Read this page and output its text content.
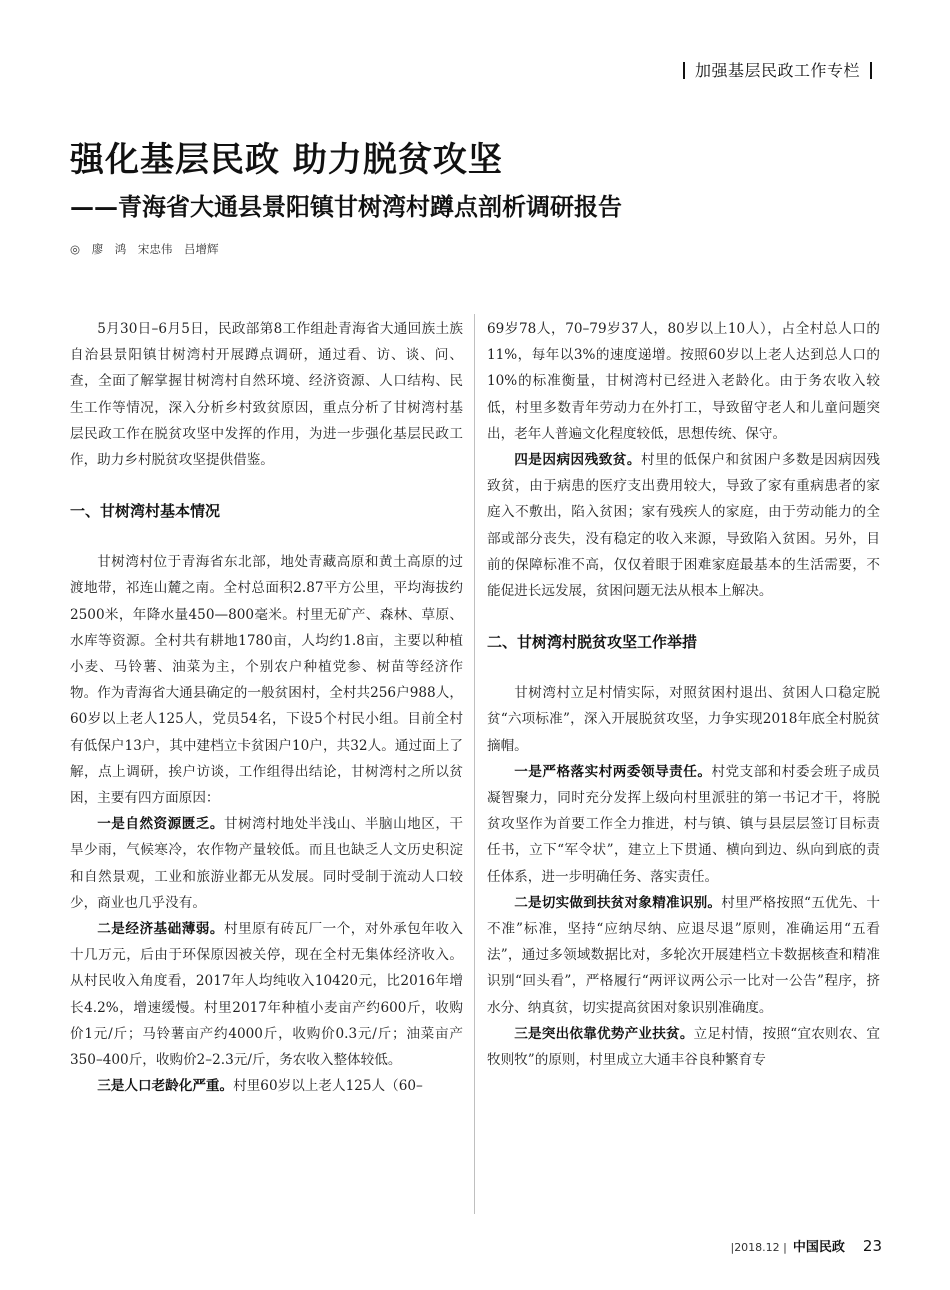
加强基层民政工作专栏
强化基层民政 助力脱贫攻坚
——青海省大通县景阳镇甘树湾村蹲点剖析调研报告
◎ 廖　鸿 宋忠伟 吕增辉

5月30日–6月5日，民政部第8工作组赴青海省大通回族土族自治县景阳镇甘树湾村开展蹲点调研，通过看、访、谈、问、查，全面了解掌握甘树湾村自然环境、经济资源、人口结构、民生工作等情况，深入分析乡村致贫原因，重点分析了甘树湾村基层民政工作在脱贫攻坚中发挥的作用，为进一步强化基层民政工作，助力乡村脱贫攻坚提供借鉴。

一、甘树湾村基本情况

甘树湾村位于青海省东北部，地处青藏高原和黄土高原的过渡地带，祁连山麓之南。全村总面积2.87平方公里，平均海拔约2500米，年降水量450—800毫米。村里无矿产、森林、草原、水库等资源。全村共有耕地1780亩，人均约1.8亩，主要以种植小麦、马铃薯、油菜为主，个别农户种植党参、树苗等经济作物。作为青海省大通县确定的一般贫困村，全村共256户988人，60岁以上老人125人，党员54名，下设5个村民小组。目前全村有低保户13户，其中建档立卡贫困户10户，共32人。通过面上了解，点上调研，挨户访谈，工作组得出结论，甘树湾村之所以贫困，主要有四方面原因：

一是自然资源匮乏。甘树湾村地处半浅山、半脑山地区，干旱少雨，气候寒冷，农作物产量较低。而且也缺乏人文历史积淀和自然景观，工业和旅游业都无从发展。同时受制于流动人口较少，商业也几乎没有。

二是经济基础薄弱。村里原有砖瓦厂一个，对外承包年收入十几万元，后由于环保原因被关停，现在全村无集体经济收入。从村民收入角度看，2017年人均纯收入10420元，比2016年增长4.2%，增速缓慢。村里2017年种植小麦亩产约600斤，收购价1元/斤；马铃薯亩产约4000斤，收购价0.3元/斤；油菜亩产350–400斤，收购价2–2.3元/斤，务农收入整体较低。

三是人口老龄化严重。村里60岁以上老人125人（60–

69岁78人，70–79岁37人，80岁以上10人），占全村总人口的11%，每年以3%的速度递增。按照60岁以上老人达到总人口的10%的标准衡量，甘树湾村已经进入老龄化。由于务农收入较低，村里多数青年劳动力在外打工，导致留守老人和儿童问题突出，老年人普遍文化程度较低，思想传统、保守。

四是因病因残致贫。村里的低保户和贫困户多数是因病因残致贫，由于病患的医疗支出费用较大，导致了家有重病患者的家庭入不敷出，陷入贫困；家有残疾人的家庭，由于劳动能力的全部或部分丧失，没有稳定的收入来源，导致陷入贫困。另外，目前的保障标准不高，仅仅着眼于困难家庭最基本的生活需要，不能促进长远发展，贫困问题无法从根本上解决。

二、甘树湾村脱贫攻坚工作举措

甘树湾村立足村情实际，对照贫困村退出、贫困人口稳定脱贫“六项标准”，深入开展脱贫攻坚，力争实现2018年底全村脱贫摘帽。

一是严格落实村两委领导责任。村党支部和村委会班子成员凝智聚力，同时充分发挥上级向村里派驻的第一书记才干，将脱贫攻坚作为首要工作全力推进，村与镇、镇与县层层签订目标责任书，立下“军令状”，建立上下贯通、横向到边、纵向到底的责任体系，进一步明确任务、落实责任。

二是切实做到扶贫对象精准识别。村里严格按照“五优先、十不准”标准，坚持“应纳尽纳、应退尽退”原则，准确运用“五看法”，通过多领域数据比对，多轮次开展建档立卡数据核查和精准识别“回头看”，严格履行“两评议两公示一比对一公告”程序，挤水分、纳真贫，切实提高贫困对象识别准确度。

三是突出依靠优势产业扶贫。立足村情，按照“宜农则农、宜牧则牧”的原则，村里成立大通丰谷良种繁育专

|2018.12 | 中国民政 23
